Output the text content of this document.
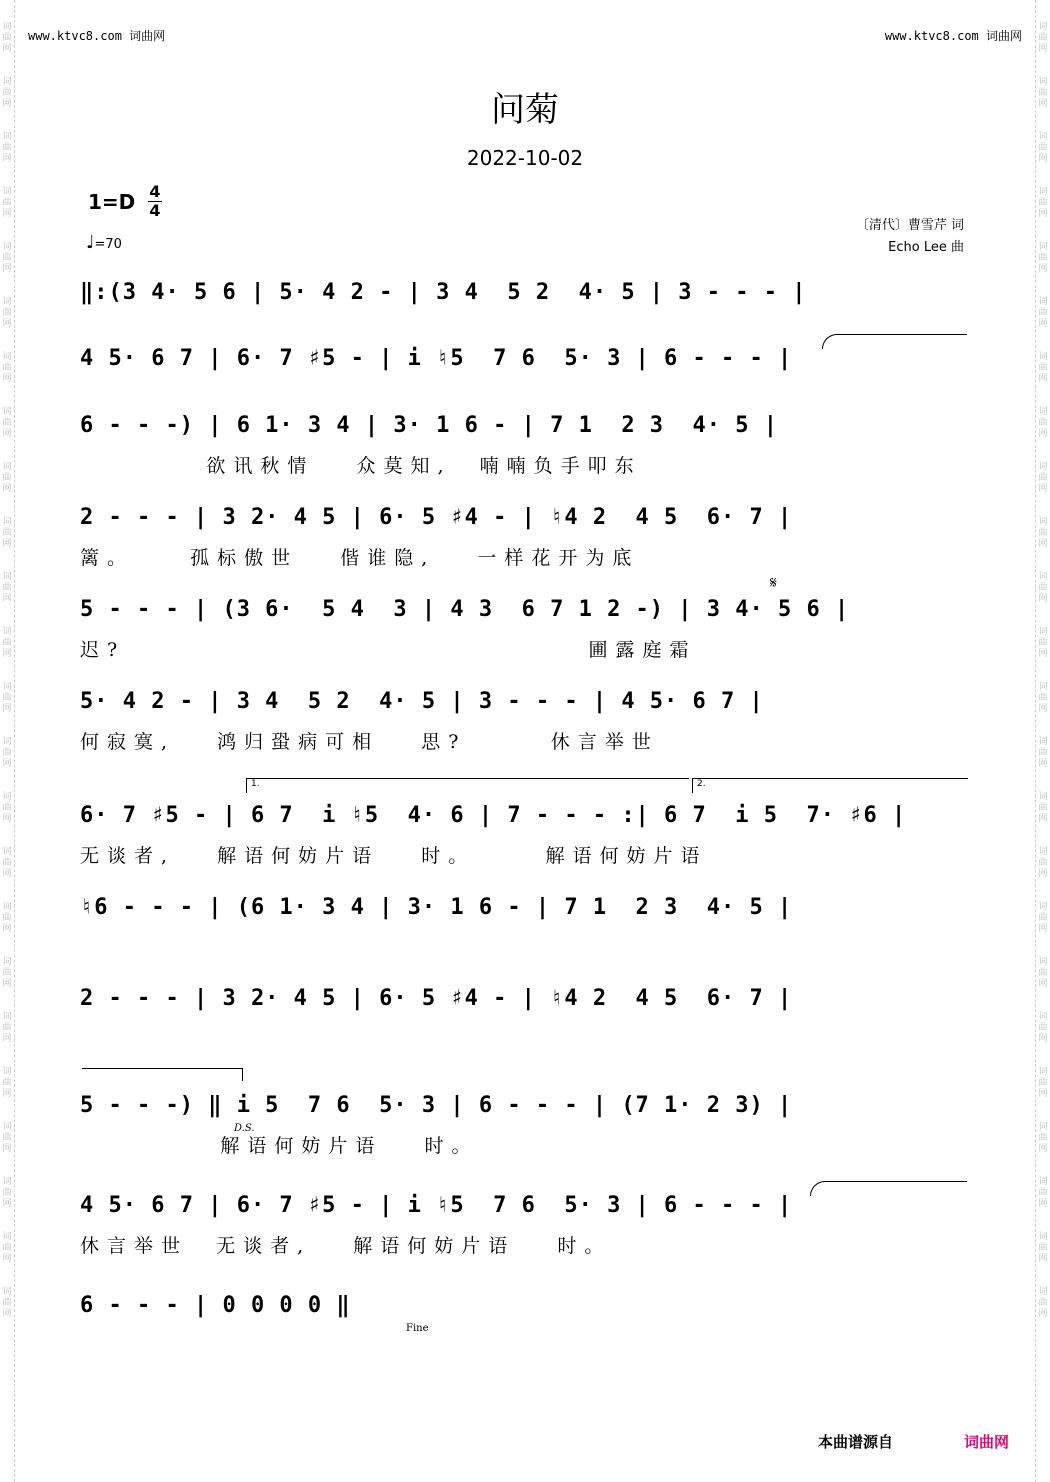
词
曲
网
词
曲
网
词
曲
网
词
曲
网
词
曲
网
词
曲
网
词
曲
网
词
曲
网
词
曲
网
词
曲
网
词
曲
网
词
曲
网
词
曲
网
词
曲
网
词
曲
网
词
曲
网
词
曲
网
词
曲
网
词
曲
网
词
曲
网
词
曲
网
词
曲
网
词
曲
网
词
曲
网
词
曲
网
词
曲
网
词
曲
网
词
曲
网
词
曲
网
词
曲
网
词
曲
网
词
曲
网
词
曲
网
词
曲
网
词
曲
网
词
曲
网
词
曲
网
词
曲
网
词
曲
网
词
曲
网
词
曲
网
词
曲
网
词
曲
网
词
曲
网
词
曲
网
词
曲
网
词
曲
网
词
曲
网
www.ktvc8.com 词曲网	www.ktvc8.com 词曲网
问菊
2022-10-02
1=D 4
4
♩=70
〔清代〕曹雪芹 词
Echo Lee 曲
‖:(3 4· 5 6 | 5· 4 2 - | 3 4  5 2  4· 5 | 3 - - - |
4 5· 6 7 | 6· 7 ♯5 - | i ♮5  7 6  5· 3 | 6 - - - |
6 - - -) | 6 1· 3 4 | 3· 1 6 - | 7 1  2 3  4· 5 |
欲讯秋情   众莫知,  喃喃负手叩东
2 - - - | 3 2· 4 5 | 6· 5 ♯4 - | ♮4 2  4 5  6· 7 |
篱。    孤标傲世   偕谁隐,   一样花开为底
𝄋
5 - - - | (3 6·  5 4  3 | 4 3  6 7 1 2 -) | 3 4· 5 6 |
迟?                                 圃露庭霜
5· 4 2 - | 3 4  5 2  4· 5 | 3 - - - | 4 5· 6 7 |
何寂寞,   鸿归蛩病可相   思?      休言举世
1.	2.
6· 7 ♯5 - | 6 7  i ♮5  4· 6 | 7 - - - :| 6 7  i 5  7· ♯6 |
无谈者,   解语何妨片语   时。     解语何妨片语
♮6 - - - | (6 1· 3 4 | 3· 1 6 - | 7 1  2 3  4· 5 |
2 - - - | 3 2· 4 5 | 6· 5 ♯4 - | ♮4 2  4 5  6· 7 |
5 - - -) ‖ i 5  7 6  5· 3 | 6 - - - | (7 1· 2 3) |
D.S.
解语何妨片语   时。
4 5· 6 7 | 6· 7 ♯5 - | i ♮5  7 6  5· 3 | 6 - - - |
休言举世  无谈者,   解语何妨片语   时。
6 - - - | 0 0 0 0 ‖
Fine
本曲谱源自	词曲网
